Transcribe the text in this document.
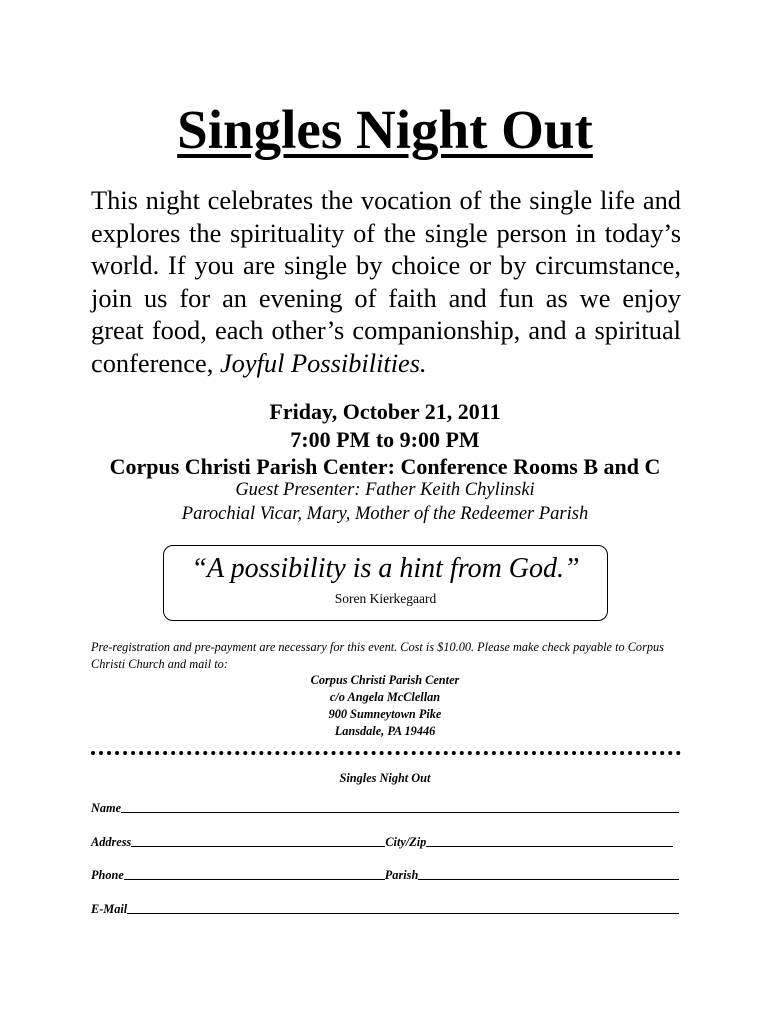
Singles Night Out
This night celebrates the vocation of the single life and explores the spirituality of the single person in today’s world. If you are single by choice or by circumstance, join us for an evening of faith and fun as we enjoy great food, each other’s companionship, and a spiritual conference, Joyful Possibilities.
Friday, October 21, 2011
7:00 PM to 9:00 PM
Corpus Christi Parish Center: Conference Rooms B and C
Guest Presenter: Father Keith Chylinski
Parochial Vicar, Mary, Mother of the Redeemer Parish
“A possibility is a hint from God.”
Soren Kierkegaard
Pre-registration and pre-payment are necessary for this event. Cost is $10.00. Please make check payable to Corpus Christi Church and mail to:
Corpus Christi Parish Center
c/o Angela McClellan
900 Sumneytown Pike
Lansdale, PA 19446
Singles Night Out
Name
Address	City/Zip
Phone	Parish
E-Mail
